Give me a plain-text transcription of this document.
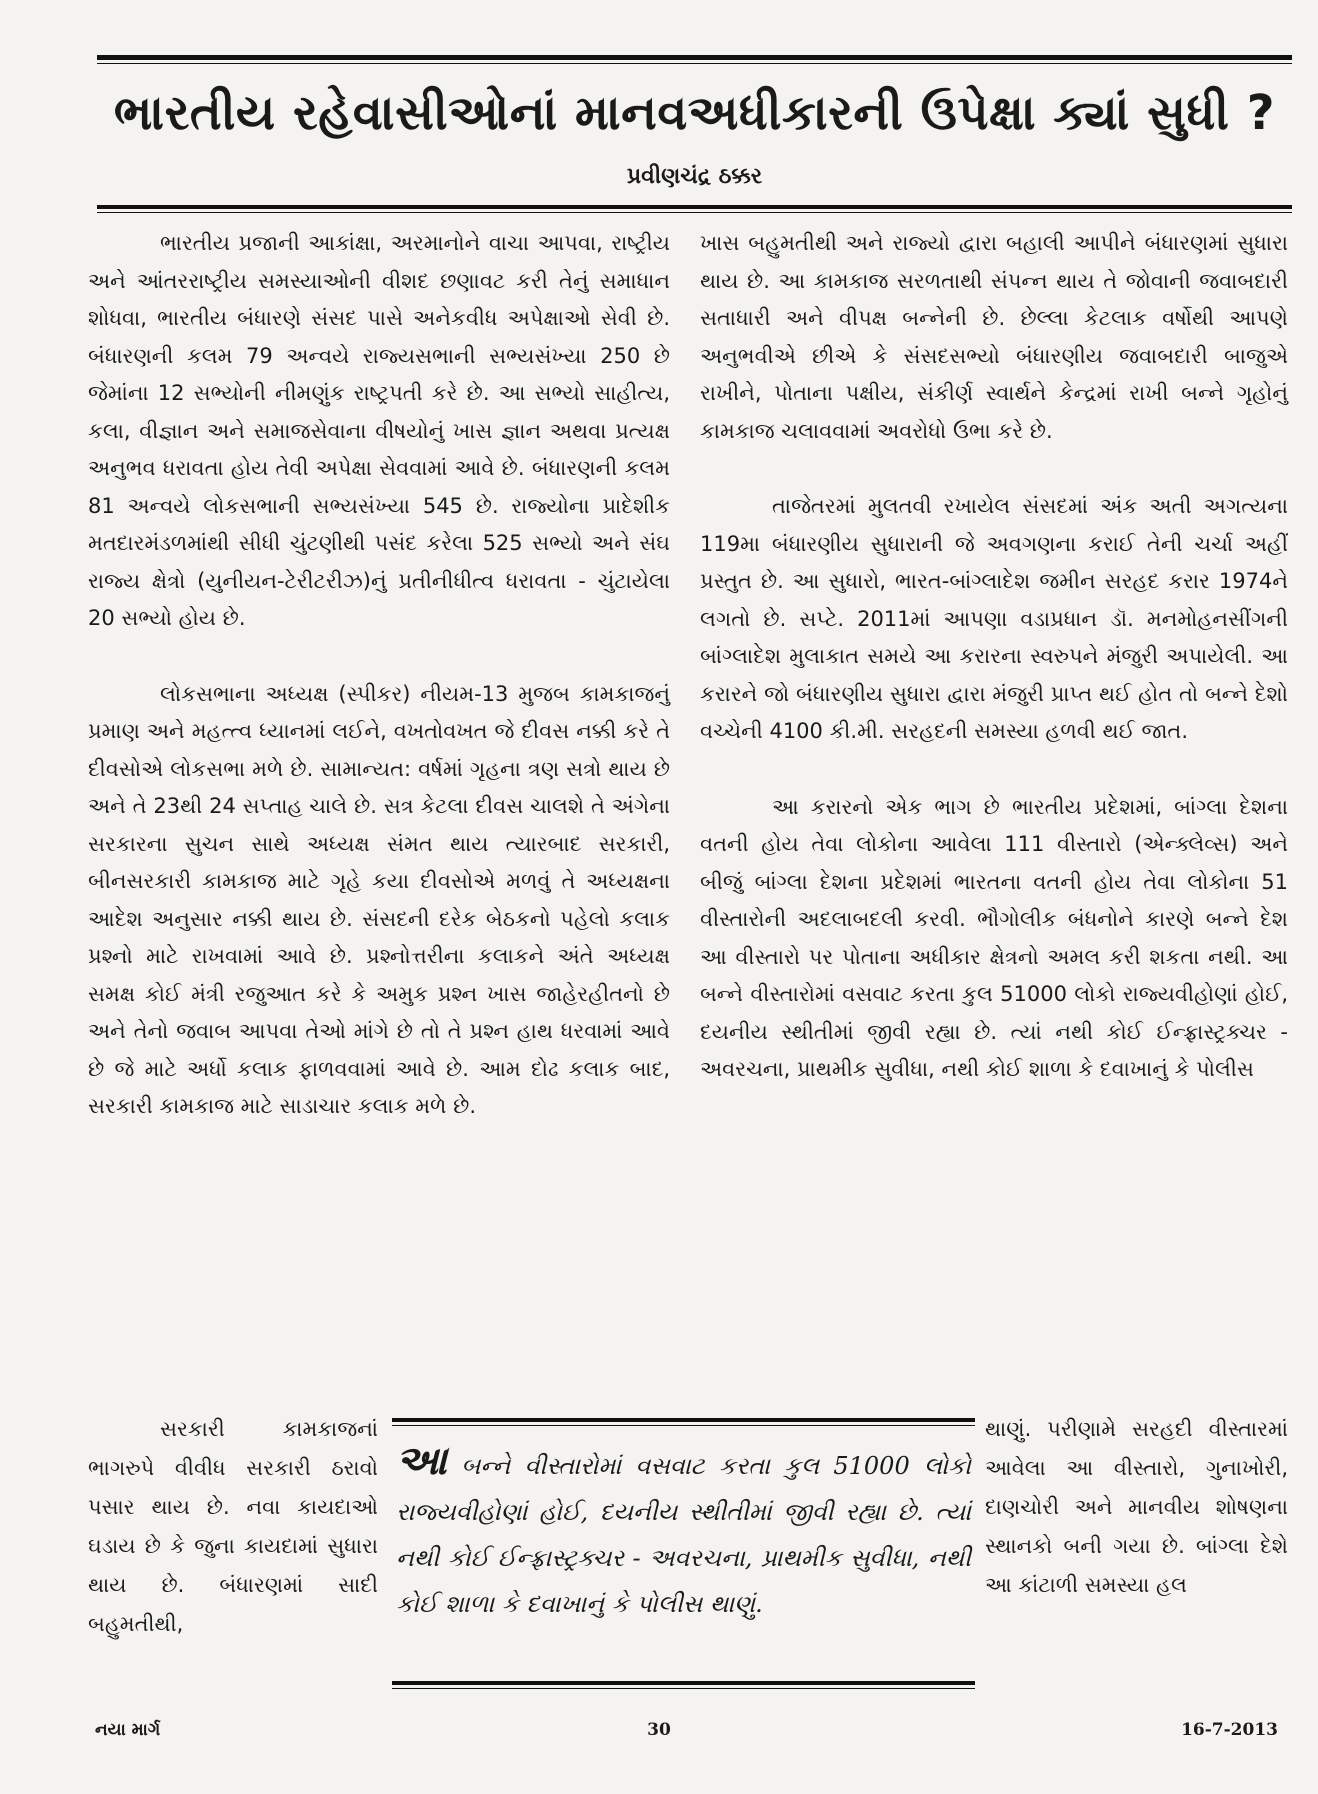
ભારતીય રહેવાસીઓનાં માનવઅધીકારની ઉપેક્ષા ક્યાં સુધી ?
પ્રવીણચંદ્ર ઠક્કર

ભારતીય પ્રજાની આકાંક્ષા, અરમાનોને વાચા આપવા, રાષ્ટ્રીય અને આંતરરાષ્ટ્રીય સમસ્યાઓની વીશદ છણાવટ કરી તેનું સમાધાન શોધવા, ભારતીય બંધારણે સંસદ પાસે અનેકવીધ અપેક્ષાઓ સેવી છે. બંધારણની કલમ 79 અન્વયે રાજ્યસભાની સભ્યસંખ્યા 250 છે જેમાંના 12 સભ્યોની નીમણુંક રાષ્ટ્રપતી કરે છે. આ સભ્યો સાહીત્ય, કલા, વીજ્ઞાન અને સમાજસેવાના વીષયોનું ખાસ જ્ઞાન અથવા પ્રત્યક્ષ અનુભવ ધરાવતા હોય તેવી અપેક્ષા સેવવામાં આવે છે. બંધારણની કલમ 81 અન્વયે લોકસભાની સભ્યસંખ્યા 545 છે. રાજ્યોના પ્રાદેશીક મતદારમંડળમાંથી સીધી ચુંટણીથી પસંદ કરેલા 525 સભ્યો અને સંઘ રાજ્ય ક્ષેત્રો (યુનીયન-ટેરીટરીઝ)નું પ્રતીનીધીત્વ ધરાવતા - ચુંટાયેલા 20 સભ્યો હોય છે.

લોકસભાના અધ્યક્ષ (સ્પીકર) નીયમ-13 મુજબ કામકાજનું પ્રમાણ અને મહત્ત્વ ધ્યાનમાં લઈને, વખતોવખત જે દીવસ નક્કી કરે તે દીવસોએ લોકસભા મળે છે. સામાન્યત: વર્ષમાં ગૃહના ત્રણ સત્રો થાય છે અને તે 23થી 24 સપ્તાહ ચાલે છે. સત્ર કેટલા દીવસ ચાલશે તે અંગેના સરકારના સુચન સાથે અધ્યક્ષ સંમત થાય ત્યારબાદ સરકારી, બીનસરકારી કામકાજ માટે ગૃહે કયા દીવસોએ મળવું તે અધ્યક્ષના આદેશ અનુસાર નક્કી થાય છે. સંસદની દરેક બેઠકનો પહેલો કલાક પ્રશ્નો માટે રાખવામાં આવે છે. પ્રશ્નોત્તરીના કલાકને અંતે અધ્યક્ષ સમક્ષ કોઈ મંત્રી રજુઆત કરે કે અમુક પ્રશ્ન ખાસ જાહેરહીતનો છે અને તેનો જવાબ આપવા તેઓ માંગે છે તો તે પ્રશ્ન હાથ ધરવામાં આવે છે જે માટે અર્ધો કલાક ફાળવવામાં આવે છે. આમ દોઢ કલાક બાદ, સરકારી કામકાજ માટે સાડાચાર કલાક મળે છે.

ખાસ બહુમતીથી અને રાજ્યો દ્વારા બહાલી આપીને બંધારણમાં સુધારા થાય છે. આ કામકાજ સરળતાથી સંપન્ન થાય તે જોવાની જવાબદારી સતાધારી અને વીપક્ષ બન્નેની છે. છેલ્લા કેટલાક વર્ષોથી આપણે અનુભવીએ છીએ કે સંસદસભ્યો બંધારણીય જવાબદારી બાજુએ રાખીને, પોતાના પક્ષીય, સંકીર્ણ સ્વાર્થને કેન્દ્રમાં રાખી બન્ને ગૃહોનું કામકાજ ચલાવવામાં અવરોધો ઉભા કરે છે.

તાજેતરમાં મુલતવી રખાયેલ સંસદમાં અંક અતી અગત્યના 119મા બંધારણીય સુધારાની જે અવગણના કરાઈ તેની ચર્ચા અહીં પ્રસ્તુત છે. આ સુધારો, ભારત-બાંગ્લાદેશ જમીન સરહદ કરાર 1974ને લગતો છે. સપ્ટે. 2011માં આપણા વડાપ્રધાન ડૉ. મનમોહનસીંગની બાંગ્લાદેશ મુલાકાત સમયે આ કરારના સ્વરુપને મંજુરી અપાયેલી. આ કરારને જો બંધારણીય સુધારા દ્વારા મંજુરી પ્રાપ્ત થઈ હોત તો બન્ને દેશો વચ્ચેની 4100 કી.મી. સરહદની સમસ્યા હળવી થઈ જાત.

આ કરારનો એક ભાગ છે ભારતીય પ્રદેશમાં, બાંગ્લા દેશના વતની હોય તેવા લોકોના આવેલા 111 વીસ્તારો (એન્ક્લેવ્સ) અને બીજું બાંગ્લા દેશના પ્રદેશમાં ભારતના વતની હોય તેવા લોકોના 51 વીસ્તારોની અદલાબદલી કરવી. ભૌગોલીક બંધનોને કારણે બન્ને દેશ આ વીસ્તારો પર પોતાના અધીકાર ક્ષેત્રનો અમલ કરી શકતા નથી. આ બન્ને વીસ્તારોમાં વસવાટ કરતા કુલ 51000 લોકો રાજ્યવીહોણાં હોઈ, દયનીય સ્થીતીમાં જીવી રહ્યા છે. ત્યાં નથી કોઈ ઈન્ફ્રાસ્ટ્રક્ચર - અવરચના, પ્રાથમીક સુવીધા, નથી કોઈ શાળા કે દવાખાનું કે પોલીસ

સરકારી કામકાજનાં ભાગરુપે વીવીધ સરકારી ઠરાવો પસાર થાય છે. નવા કાયદાઓ ઘડાય છે કે જુના કાયદામાં સુધારા થાય છે. બંધારણમાં સાદી બહુમતીથી,

આ બન્ને વીસ્તારોમાં વસવાટ કરતા કુલ 51000 લોકો રાજ્યવીહોણાં હોઈ, દયનીય સ્થીતીમાં જીવી રહ્યા છે. ત્યાં નથી કોઈ ઈન્ફ્રાસ્ટ્રક્ચર - અવરચના, પ્રાથમીક સુવીધા, નથી કોઈ શાળા કે દવાખાનું કે પોલીસ થાણું.

થાણું. પરીણામે સરહદી વીસ્તારમાં આવેલા આ વીસ્તારો, ગુનાખોરી, દાણચોરી અને માનવીય શોષણના સ્થાનકો બની ગયા છે. બાંગ્લા દેશે આ કાંટાળી સમસ્યા હલ

નયા માર્ગ	30	16-7-2013
